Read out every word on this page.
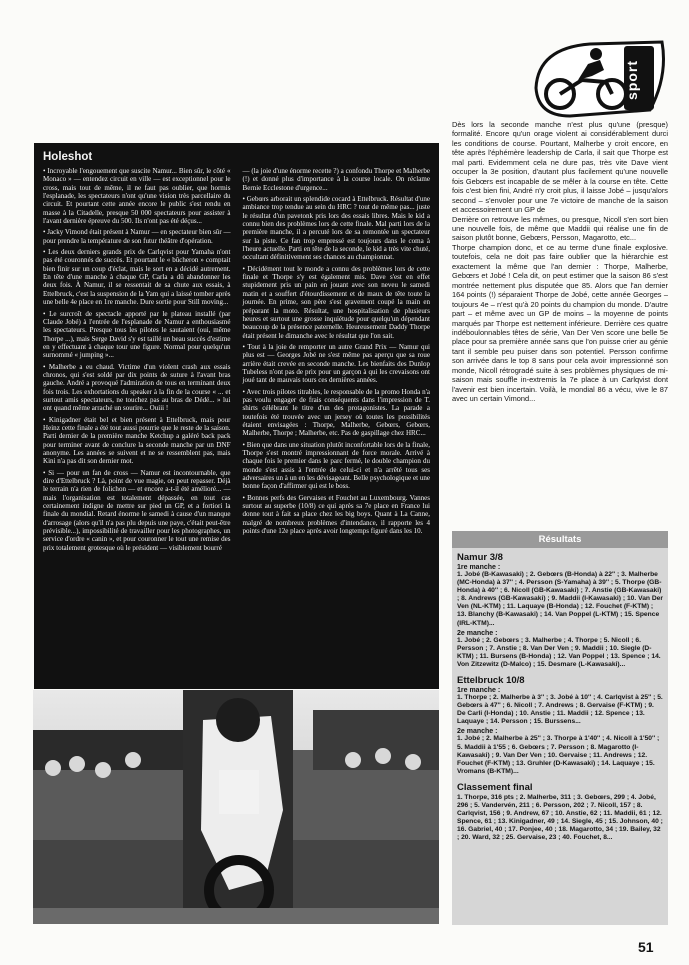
sport
Holeshot

• Incroyable l'engouement que suscite Namur... Bien sûr, le côté « Monaco » — entendez circuit en ville — est exceptionnel pour le cross, mais tout de même, il ne faut pas oublier, que hormis l'esplanade, les spectateurs n'ont qu'une vision très parcellaire du circuit. Et pourtant cette année encore le public s'est rendu en masse à la Citadelle, presque 50 000 spectateurs pour assister à l'avant dernière épreuve du 500. Ils n'ont pas été déçus...

• Jacky Vimond était présent à Namur — en spectateur bien sûr — pour prendre la température de son futur théâtre d'opération.

• Les deux derniers grands prix de Carlqvist pour Yamaha n'ont pas été couronnés de succès. Et pourtant le « bûcheron » comptait bien finir sur un coup d'éclat, mais le sort en a décidé autrement. En tête d'une manche à chaque GP, Carla a dû abandonner les deux fois. À Namur, il se ressentait de sa chute aux essais, à Ettelbruck, c'est la suspension de la Yam qui a laissé tomber après une belle 4e place en 1re manche. Dure sortie pour Still moving...

• Le surcroît de spectacle apporté par le plateau installé (par Claude Jobé) à l'entrée de l'esplanade de Namur a enthousiasmé les spectateurs. Presque tous les pilotes le sautaient (oui, même Thorpe ...), mais Serge David s'y est taillé un beau succès d'estime en y effectuant à chaque tour une figure. Normal pour quelqu'un surnommé « jumping »...

• Malherbe a eu chaud. Victime d'un violent crash aux essais chronos, qui s'est soldé par dix points de suture à l'avant bras gauche. André a provoqué l'admiration de tous en terminant deux fois trois. Les exhortations du speaker à la fin de la course « ... et surtout amis spectateurs, ne touchez pas au bras de Dédé... » lui ont quand même arraché un sourire... Ouiii !

• Kinigadner était bel et bien présent à Ettelbruck, mais pour Heinz cette finale a été tout aussi pourrie que le reste de la saison. Parti dernier de la première manche Ketchup a galéré back pack pour terminer avant de conclure la seconde manche par un DNF anonyme. Les années se suivent et ne se ressemblent pas, mais Kini n'a pas dit son dernier mot.

• Si — pour un fan de cross — Namur est incontournable, que dire d'Ettelbruck ? Là, point de vue magie, on peut repasser. Déjà le terrain n'a rien de folichon — et encore a-t-il été amélioré... — mais l'organisation est totalement dépassée, en tout cas certainement indigne de mettre sur pied un GP, et a fortiori la finale du mondial. Retard énorme le samedi à cause d'un manque d'arrosage (alors qu'il n'a pas plu depuis une paye, c'était peut-être prévisible...), impossibilité de travailler pour les photographes, un service d'ordre « canin », et pour couronner le tout une remise des prix totalement grotesque où le président — visiblement bourré

— (la joie d'une énorme recette ?) a confondu Thorpe et Malherbe (!) et donné plus d'importance à la course locale. On réclame Bernie Ecclestone d'urgence...

• Gebœrs arborait un splendide cocard à Ettelbruck. Résultat d'une ambiance trop tendue au sein du HRC ? tout de même pas... juste le résultat d'un pavetonk pris lors des essais libres. Mais le kid a connu bien des problèmes lors de cette finale. Mal parti lors de la première manche, il a percuté lors de sa remontée un spectateur sur la piste. Ce fan trop empressé est toujours dans le coma à l'heure actuelle. Parti en tête de la seconde, le kid a très vite chuté, occultant définitivement ses chances au championnat.

• Décidément tout le monde a connu des problèmes lors de cette finale et Thorpe s'y est également mis. Dave s'est en effet stupidement pris un pain en jouant avec son neveu le samedi matin et a souffert d'étourdissement et de maux de tête toute la journée. En prime, son père s'est gravement coupé la main en préparant la moto. Résultat, une hospitalisation de plusieurs heures et surtout une grosse inquiétude pour quelqu'un dépendant beaucoup de la présence paternelle. Heureusement Daddy Thorpe était présent le dimanche avec le résultat que l'on sait.

• Tout à la joie de remporter un autre Grand Prix — Namur qui plus est — Georges Jobé ne s'est même pas aperçu que sa roue arrière était crevée en seconde manche. Les bienfaits des Dunlop Tubeless n'ont pas de prix pour un garçon à qui les crevaisons ont joué tant de mauvais tours ces dernières années.

• Avec trois pilotes titrables, le responsable de la promo Honda n'a pas voulu engager de frais conséquents dans l'impression de T. shirts célébrant le titre d'un des protagonistes. La parade a toutefois été trouvée avec un jersey où toutes les possibilités étaient envisagées : Thorpe, Malherbe, Gebœrs, Gebœrs, Malherbe, Thorpe ; Malherbe, etc. Pas de gaspillage chez HRC...

• Bien que dans une situation plutôt inconfortable lors de la finale, Thorpe s'est montré impressionnant de force morale. Arrivé à chaque fois le premier dans le parc fermé, le double champion du monde s'est assis à l'entrée de celui-ci et n'a arrêté tous ses adversaires un à un en les dévisageant. Belle psychologique et une bonne façon d'affirmer qui est le boss.

• Bonnes perfs des Gervaises et Fouchet au Luxembourg. Vannes surtout au superbe (10/8) ce qui après sa 7e place en France lui donne tout à fait sa place chez les big boys. Quant à La Canne, malgré de nombreux problèmes d'intendance, il rapporte les 4 points d'une 12e place après avoir longtemps figuré dans les 10.

Dès lors la seconde manche n'est plus qu'une (presque) formalité. Encore qu'un orage violent ai considérablement durci les conditions de course. Pourtant, Malherbe y croit encore, en tête après l'éphémère leadership de Carla, il sait que Thorpe est mal parti. Evidemment cela ne dure pas, très vite Dave vient occuper la 3e position, d'autant plus facilement qu'une nouvelle fois Gebœrs est incapable de se mêler à la course en tête. Cette fois c'est bien fini, André n'y croit plus, il laisse Jobé – jusqu'alors second – s'envoler pour une 7e victoire de manche de la saison et accessoirement un GP de

Derrière on retrouve les mêmes, ou presque, Nicoll s'en sort bien une nouvelle fois, de même que Maddii qui réalise une fin de saison plutôt bonne, Gebœrs, Persson, Magarotto, etc...

Thorpe champion donc, et ce au terme d'une finale explosive. toutefois, cela ne doit pas faire oublier que la hiérarchie est exactement la même que l'an dernier : Thorpe, Malherbe, Gebœrs et Jobé ! Cela dit, on peut estimer que la saison 86 s'est montrée nettement plus disputée que 85. Alors que l'an dernier 164 points (!) séparaient Thorpe de Jobé, cette année Georges – toujours 4e – n'est qu'à 20 points du champion du monde. D'autre part – et même avec un GP de moins – la moyenne de points marqués par Thorpe est nettement inférieure. Derrière ces quatre indéboulonnables têtes de série, Van Der Ven score une belle 5e place pour sa première année sans que l'on puisse crier au génie tant il semble peu puiser dans son potentiel. Persson confirme son arrivée dans le top 8 sans pour cela avoir impressionné son monde, Nicoll rétrogradé suite à ses problèmes physiques de mi-saison mais souffle in-extremis la 7e place à un Carlqvist dont l'avenir est bien incertain. Voilà, le mondial 86 a vécu, vive le 87 avec un certain Vimond...

Résultats
Namur 3/8
1re manche :

1. Jobé (B-Kawasaki) ; 2. Gebœrs (B-Honda) à 22'' ; 3. Malherbe (MC-Honda) à 37'' ; 4. Persson (S-Yamaha) à 39'' ; 5. Thorpe (GB-Honda) à 40'' ; 6. Nicoll (GB-Kawasaki) ; 7. Anstie (GB-Kawasaki) ; 8. Andrews (GB-Kawasaki) ; 9. Maddii (I-Kawasaki) ; 10. Van Der Ven (NL-KTM) ; 11. Laquaye (B-Honda) ; 12. Fouchet (F-KTM) ; 13. Blanchy (B-Kawasaki) ; 14. Van Poppel (L-KTM) ; 15. Spence (IRL-KTM)...

2e manche :

1. Jobé ; 2. Gebœrs ; 3. Malherbe ; 4. Thorpe ; 5. Nicoll ; 6. Persson ; 7. Anstie ; 8. Van Der Ven ; 9. Maddii ; 10. Siegle (D-KTM) ; 11. Bursens (B-Honda) ; 12. Van Poppel ; 13. Spence ; 14. Von Zitzewitz (D-Malco) ; 15. Desmare (L-Kawasaki)...

Ettelbruck 10/8
1re manche :

1. Thorpe ; 2. Malherbe à 3'' ; 3. Jobé à 10'' ; 4. Carlqvist à 25'' ; 5. Gebœrs à 47'' ; 6. Nicoll ; 7. Andrews ; 8. Gervaise (F-KTM) ; 9. De Carli (I-Honda) ; 10. Anstie ; 11. Maddii ; 12. Spence ; 13. Laquaye ; 14. Persson ; 15. Burssens...

2e manche :

1. Jobé ; 2. Malherbe à 25'' ; 3. Thorpe à 1'40'' ; 4. Nicoll à 1'50'' ; 5. Maddii à 1'55 ; 6. Gebœrs ; 7. Persson ; 8. Magarotto (I-Kawasaki) ; 9. Van Der Ven ; 10. Gervaise ; 11. Andrews ; 12. Fouchet (F-KTM) ; 13. Gruhler (D-Kawasaki) ; 14. Laquaye ; 15. Vromans (B-KTM)...

Classement final

1. Thorpe, 316 pts ; 2. Malherbe, 311 ; 3. Gebœrs, 299 ; 4. Jobé, 296 ; 5. Vandervén, 211 ; 6. Persson, 202 ; 7. Nicoll, 157 ; 8. Carlqvist, 156 ; 9. Andrew, 67 ; 10. Anstie, 62 ; 11. Maddii, 61 ; 12. Spence, 61 ; 13. Kinigadner, 49 ; 14. Siegle, 45 ; 15. Johnson, 40 ; 16. Gabriel, 40 ; 17. Ponjee, 40 ; 18. Magarotto, 34 ; 19. Bailey, 32 ; 20. Ward, 32 ; 25. Gervaise, 23 ; 40. Fouchet, 8...

51
